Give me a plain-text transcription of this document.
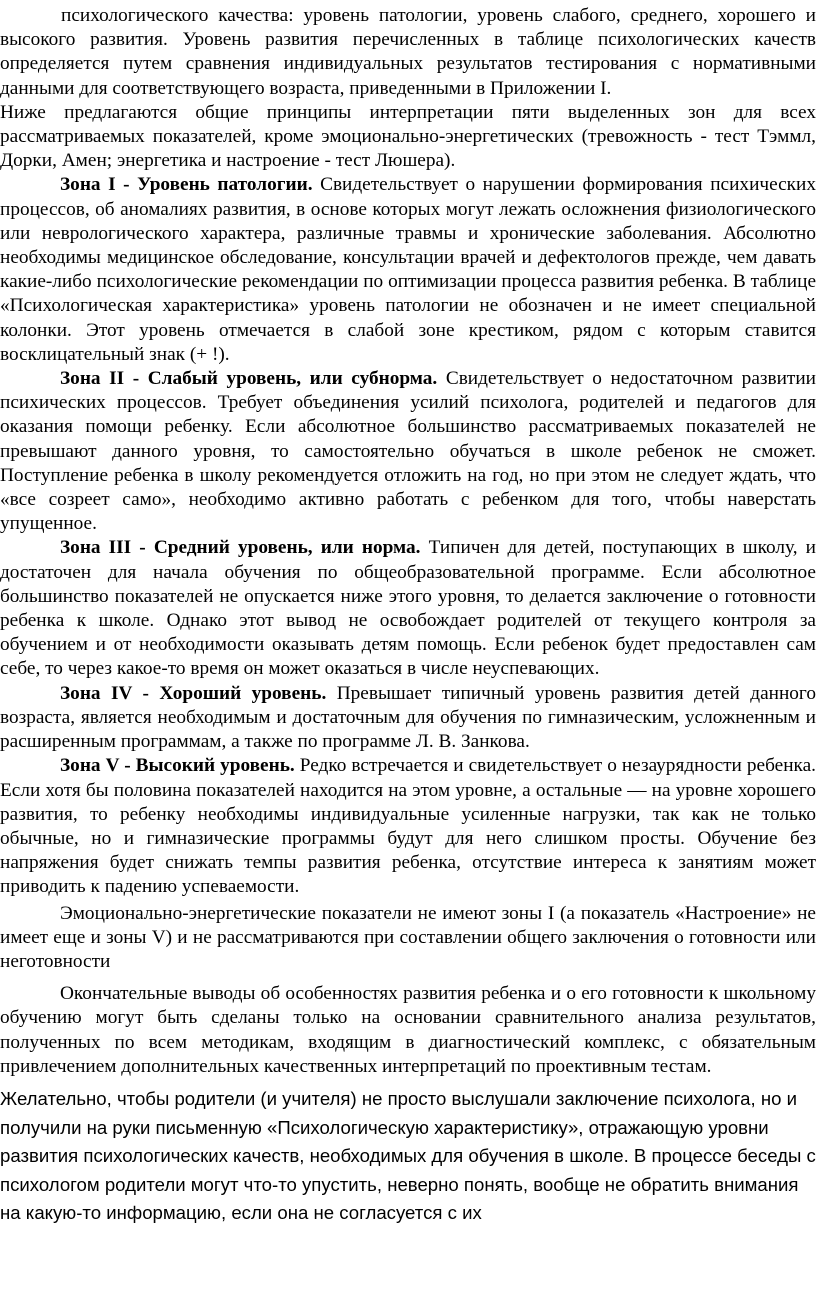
психологического качества: уровень патологии, уровень слабого, среднего, хорошего и высокого развития. Уровень развития перечисленных в таблице психологических качеств определяется путем сравнения индивидуальных результатов тестирования с нормативными данными для соответствующего возраста, приведенными в Приложении I.

Ниже предлагаются общие принципы интерпретации пяти выделенных зон для всех рассматриваемых показателей, кроме эмоционально-энергетических (тревожность - тест Тэммл, Дорки, Амен; энергетика и настроение - тест Люшера).

Зона I - Уровень патологии. Свидетельствует о нарушении формирования психических процессов, об аномалиях развития, в основе которых могут лежать осложнения физиологического или неврологического характера, различные травмы и хронические заболевания. Абсолютно необходимы медицинское обследование, консультации врачей и дефектологов прежде, чем давать какие-либо психологические рекомендации по оптимизации процесса развития ребенка. В таблице «Психологическая характеристика» уровень патологии не обозначен и не имеет специальной колонки. Этот уровень отмечается в слабой зоне крестиком, рядом с которым ставится восклицательный знак (+ !).

Зона II - Слабый уровень, или субнорма. Свидетельствует о недостаточном развитии психических процессов. Требует объединения усилий психолога, родителей и педагогов для оказания помощи ребенку. Если абсолютное большинство рассматриваемых показателей не превышают данного уровня, то самостоятельно обучаться в школе ребенок не сможет. Поступление ребенка в школу рекомендуется отложить на год, но при этом не следует ждать, что «все созреет само», необходимо активно работать с ребенком для того, чтобы наверстать упущенное.

Зона III - Средний уровень, или норма. Типичен для детей, поступающих в школу, и достаточен для начала обучения по общеобразовательной программе. Если абсолютное большинство показателей не опускается ниже этого уровня, то делается заключение о готовности ребенка к школе. Однако этот вывод не освобождает родителей от текущего контроля за обучением и от необходимости оказывать детям помощь. Если ребенок будет предоставлен сам себе, то через какое-то время он может оказаться в числе неуспевающих.

Зона IV - Хороший уровень. Превышает типичный уровень развития детей данного возраста, является необходимым и достаточным для обучения по гимназическим, усложненным и расширенным программам, а также по программе Л. В. Занкова.

Зона V - Высокий уровень. Редко встречается и свидетельствует о незаурядности ребенка. Если хотя бы половина показателей находится на этом уровне, а остальные — на уровне хорошего развития, то ребенку необходимы индивидуальные усиленные нагрузки, так как не только обычные, но и гимназические программы будут для него слишком просты. Обучение без напряжения будет снижать темпы развития ребенка, отсутствие интереса к занятиям может приводить к падению успеваемости.

Эмоционально-энергетические показатели не имеют зоны I (а показатель «Настроение» не имеет еще и зоны V) и не рассматриваются при составлении общего заключения о готовности или неготовности

Окончательные выводы об особенностях развития ребенка и о его готовности к школьному обучению могут быть сделаны только на основании сравнительного анализа результатов, полученных по всем методикам, входящим в диагностический комплекс, с обязательным привлечением дополнительных качественных интерпретаций по проективным тестам.

Желательно, чтобы родители (и учителя) не просто выслушали заключение психолога, но и получили на руки письменную «Психологическую характеристику», отражающую уровни развития психологических качеств, необходимых для обучения в школе. В процессе беседы с психологом родители могут что-то упустить, неверно понять, вообще не обратить внимания на какую-то информацию, если она не согласуется с их
